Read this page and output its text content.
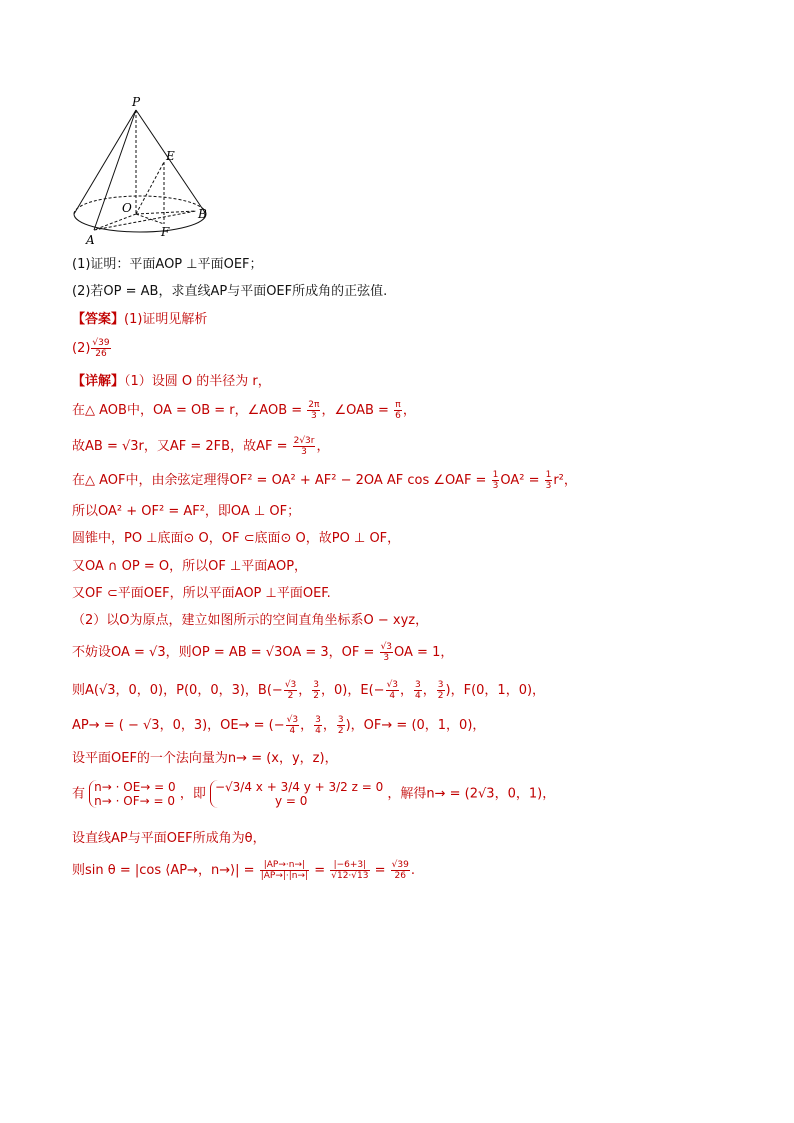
P
E
O	B
F
A
(1)证明：平面AOP ⊥平面OEF；
(2)若OP = AB，求直线AP与平面OEF所成角的正弦值.
【答案】(1)证明见解析
$(2) \frac{√39}{26}$
【详解】（1）设圆 O 的半径为 r，
在△ AOB中，OA = OB = r，∠AOB = $\frac{2\pi}{3}$ ，∠OAB = $\frac{\pi}{6}$ ，
故AB = √3r，又AF = 2FB，故AF = $\frac{2√3r}{3}$ ，
在△ AOF中，由余弦定理得OF² = OA² + AF² − 2OA AF cos ∠OAF = $\frac{1}{3} OA^2 = \frac{1}{3} r^2$，
所以OA² + OF² = AF²，即OA ⊥ OF；
圆锥中，PO ⊥底面⊙ O，OF ⊂底面⊙ O，故PO ⊥ OF，
又OA ∩ OP = O，所以OF ⊥平面AOP，
又OF ⊂平面OEF，所以平面AOP ⊥平面OEF.
（2）以O为原点，建立如图所示的空间直角坐标系O − xyz，
不妨设OA = √3，则OP = AB = √3OA = 3，OF = $\frac{√3}{3}$ OA = 1，
则A(√3，0，0)，P(0，0，3)，$B(- \frac{√3}{2}$ ， $\frac{3}{2}$ ，0)，$E(- \frac{√3}{4}$ ， $\frac{3}{4}$ ， $\frac{3}{2}$ )，F(0，1，0)，
AP→ = ( − √3，0，3)，OE→ = (− $\frac{√3}{4}$ ， $\frac{3}{4}$ ， $\frac{3}{2}$ )，OF→ = (0，1，0)，
设平面OEF的一个法向量为n→ = (x，y，z)，
有 n→ · OE→ = 0
n→ · OF→ = 0 ，即 −√3/4 x + 3/4 y + 3/2 z = 0
y = 0	，解得n→ = (2√3，0，1)，
设直线AP与平面OEF所成角为θ，
则sin θ = |cos ⟨AP→，n→⟩| = $\frac{|AP\to\cdot n\to|}{|AP\to|\cdot|n\to|} = \frac{|-6+3|}{√12\cdot√13} = \frac{√39}{26}$ .
